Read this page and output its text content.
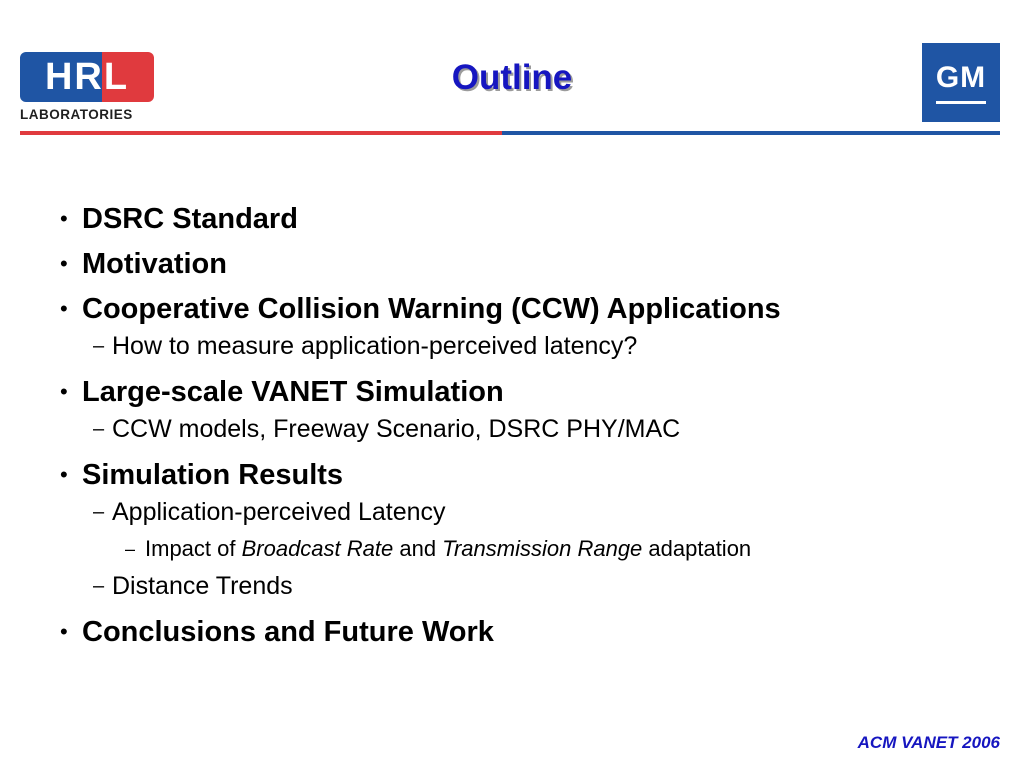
HRL
LABORATORIES
Outline	GM
• DSRC Standard
• Motivation
• Cooperative Collision Warning (CCW) Applications
– How to measure application-perceived latency?
• Large-scale VANET Simulation
– CCW models, Freeway Scenario, DSRC PHY/MAC
• Simulation Results
– Application-perceived Latency
– Impact of Broadcast Rate and Transmission Range adaptation
– Distance Trends
• Conclusions and Future Work
ACM VANET 2006
